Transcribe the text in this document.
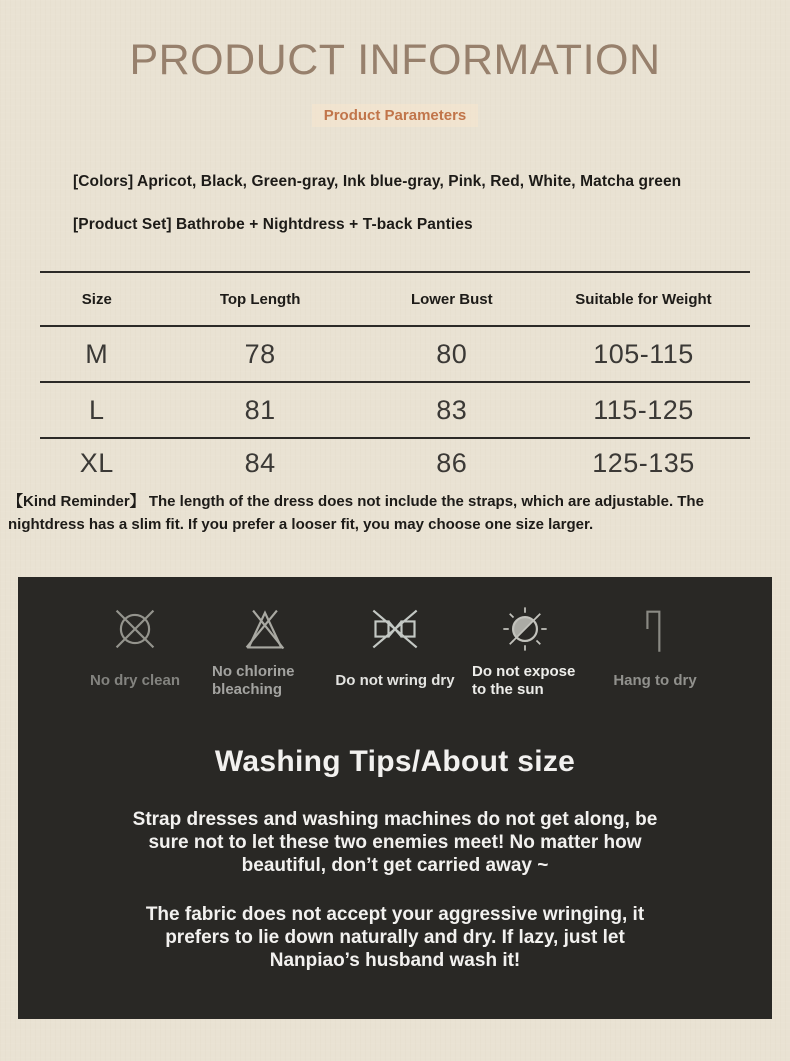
PRODUCT INFORMATION
Product Parameters

[Colors] Apricot, Black, Green-gray, Ink blue-gray, Pink, Red, White, Matcha green

[Product Set] Bathrobe + Nightdress + T-back Panties

Size	Top Length	Lower Bust	Suitable for Weight
M	78	80	105-115
L	81	83	115-125
XL	84	86	125-135

【Kind Reminder】 The length of the dress does not include the straps, which are adjustable. The nightdress has a slim fit. If you prefer a looser fit, you may choose one size larger.

No dry clean
No chlorine bleaching
Do not wring dry
Do not expose to the sun
Hang to dry
Washing Tips/About size

Strap dresses and washing machines do not get along, be sure not to let these two enemies meet! No matter how beautiful, don’t get carried away ~

The fabric does not accept your aggressive wringing, it prefers to lie down naturally and dry. If lazy, just let Nanpiao’s husband wash it!
